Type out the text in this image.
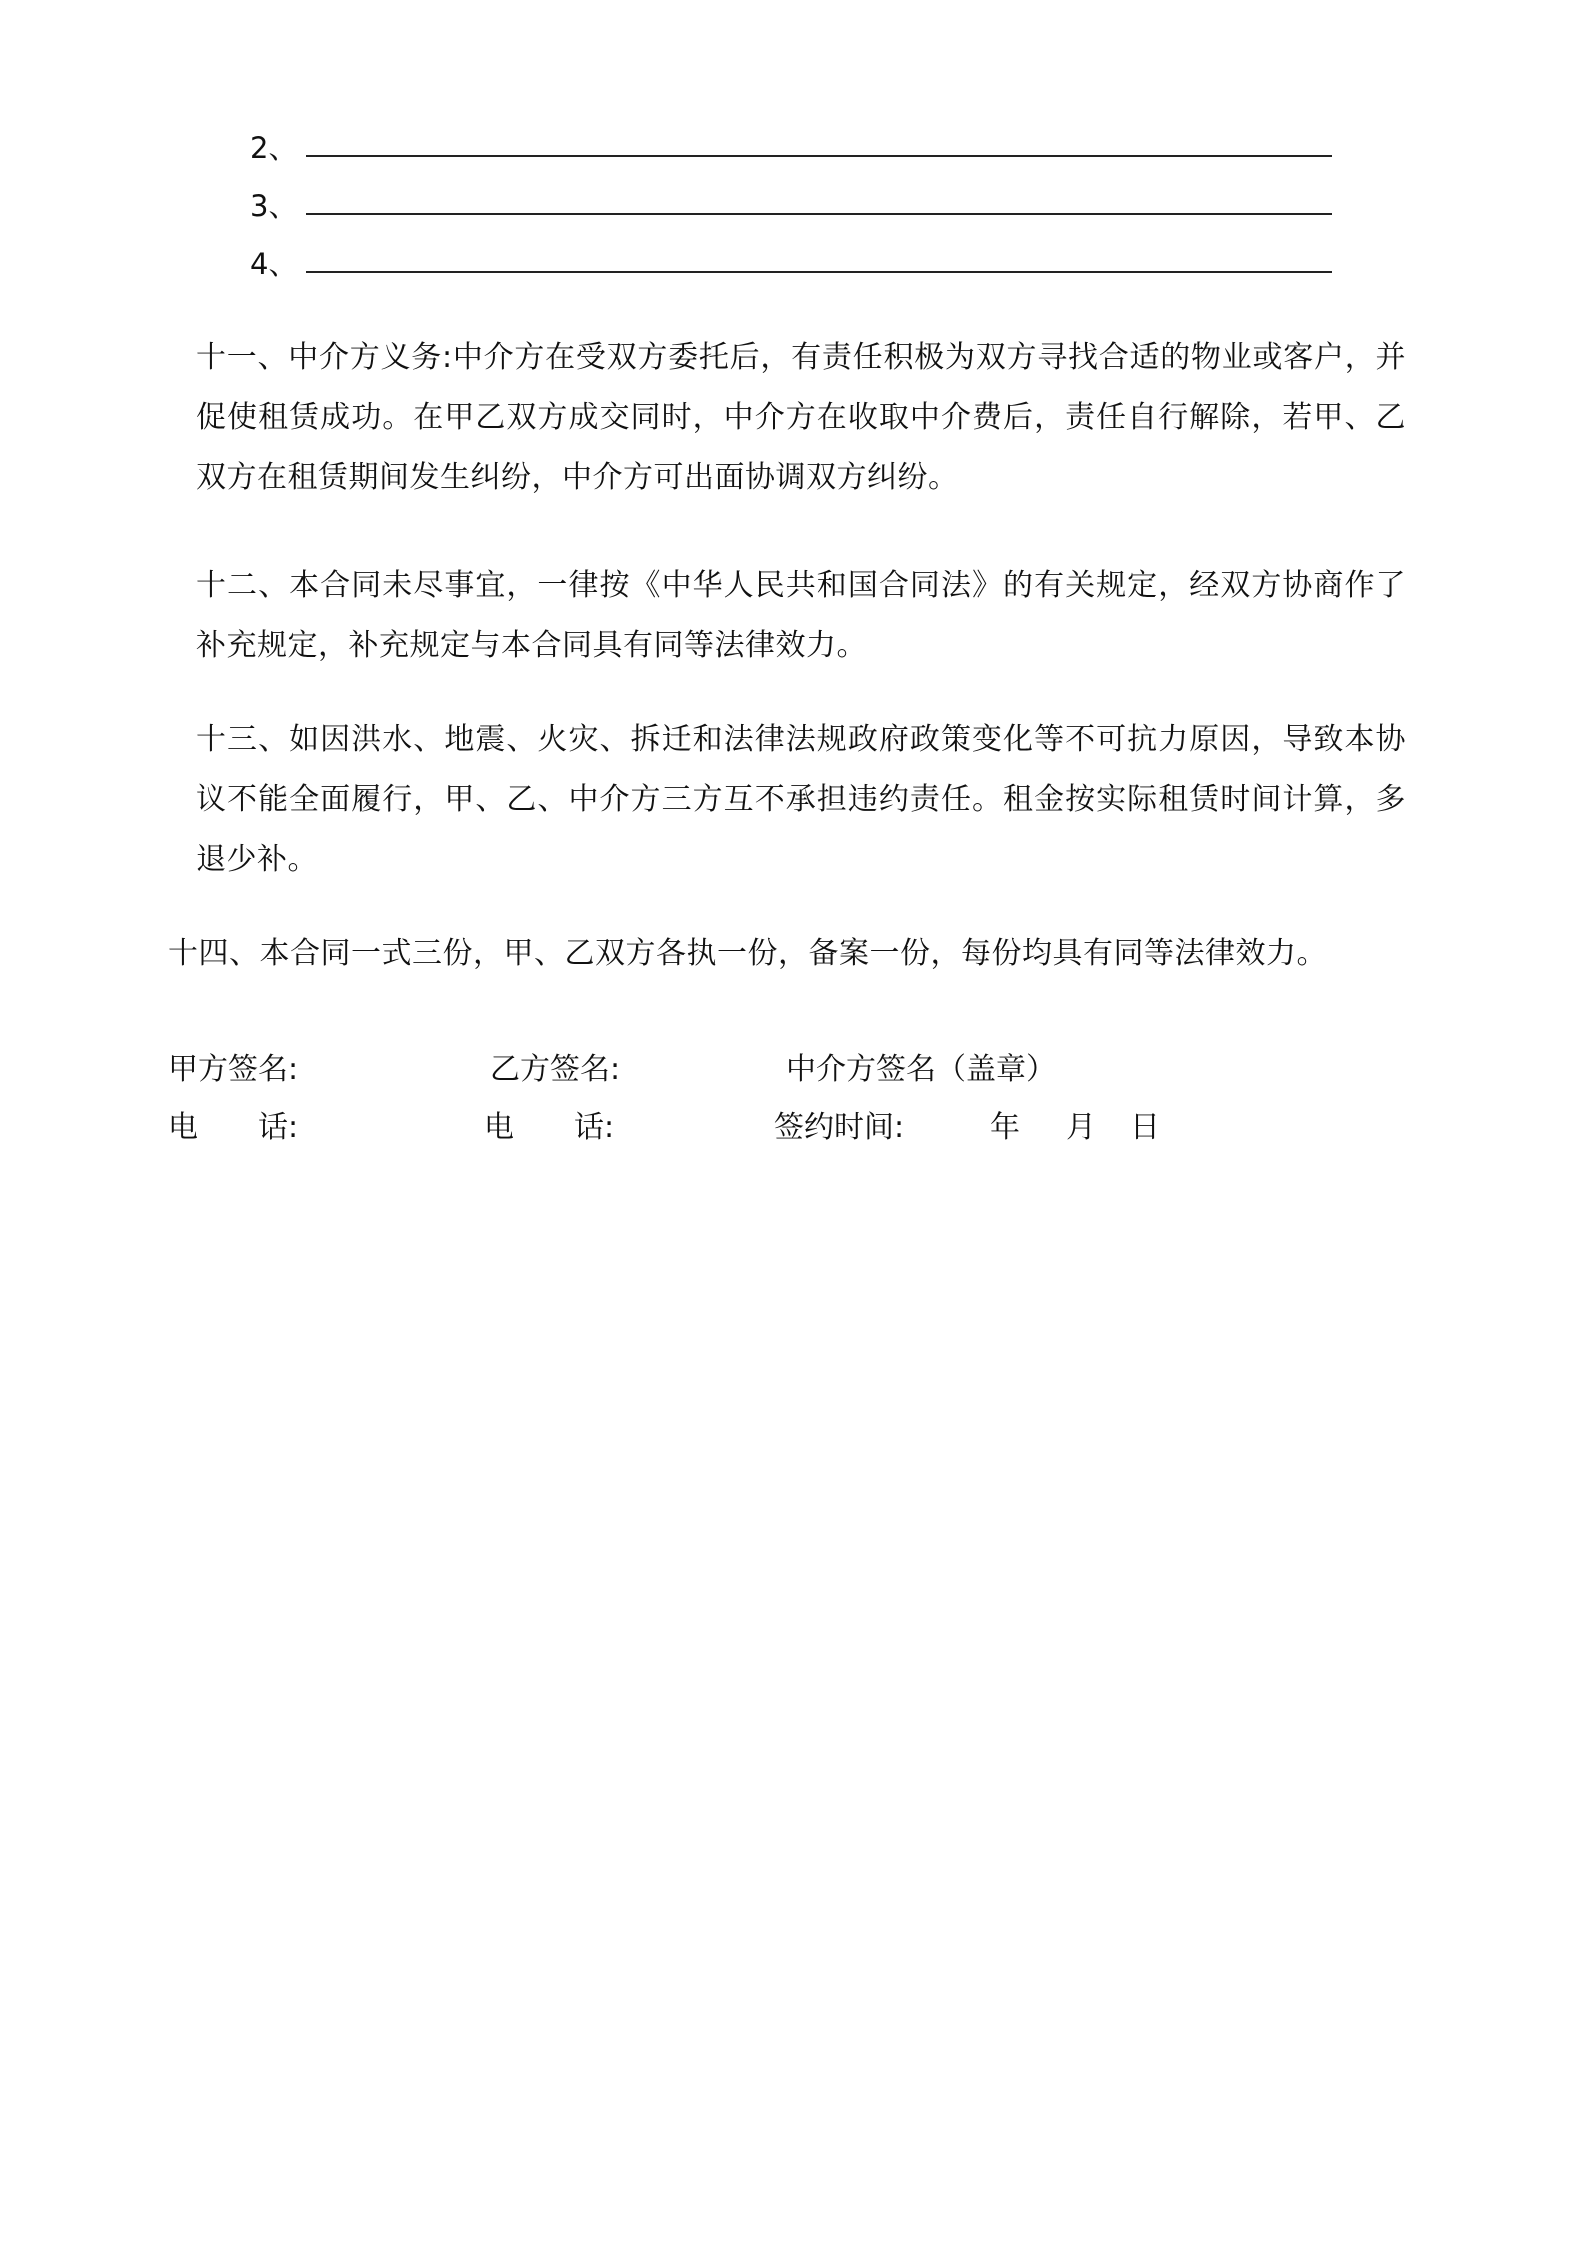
2、
3、
4、
十一、中介方义务:中介方在受双方委托后，有责任积极为双方寻找合适的物业或客户，并促使租赁成功。在甲乙双方成交同时，中介方在收取中介费后，责任自行解除，若甲、乙双方在租赁期间发生纠纷，中介方可出面协调双方纠纷。
十二、本合同未尽事宜，一律按《中华人民共和国合同法》的有关规定，经双方协商作了补充规定，补充规定与本合同具有同等法律效力。
十三、如因洪水、地震、火灾、拆迁和法律法规政府政策变化等不可抗力原因，导致本协议不能全面履行，甲、乙、中介方三方互不承担违约责任。租金按实际租赁时间计算，多退少补。
十四、本合同一式三份，甲、乙双方各执一份，备案一份，每份均具有同等法律效力。
甲方签名:	乙方签名:	中介方签名（盖章）
电　　话:	电　　话:	签约时间:	年 月 日
